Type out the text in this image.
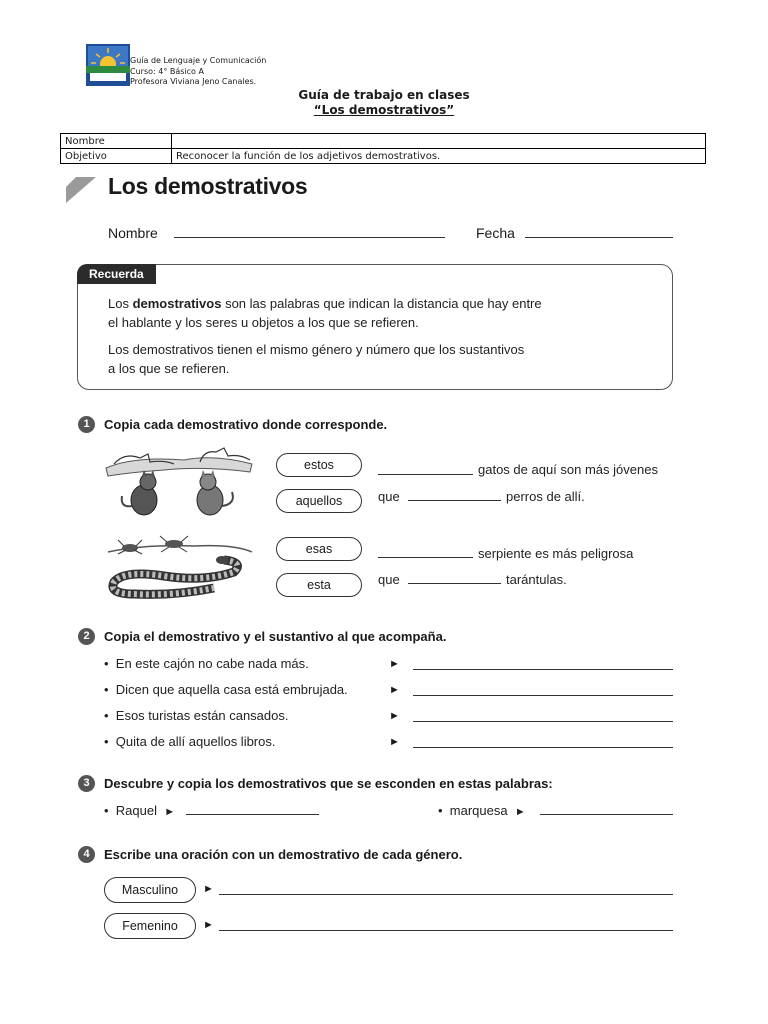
Guía de Lenguaje y Comunicación
Curso: 4° Básico A
Profesora Viviana Jeno Canales.
Guía de trabajo en clases
“Los demostrativos”
Nombre	
Objetivo	Reconocer la función de los adjetivos demostrativos.
Los demostrativos
Nombre	Fecha
Recuerda
Los demostrativos son las palabras que indican la distancia que hay entre
el hablante y los seres u objetos a los que se refieren.
Los demostrativos tienen el mismo género y número que los sustantivos
a los que se refieren.
1	Copia cada demostrativo donde corresponde.
estos
aquellos
esas
esta
gatos de aquí son más jóvenes
que	perros de allí.
serpiente es más peligrosa
que	tarántulas.
2	Copia el demostrativo y el sustantivo al que acompaña.
•  En este cajón no cabe nada más.	►
•  Dicen que aquella casa está embrujada.	►
•  Esos turistas están cansados.	►
•  Quita de allí aquellos libros.	►
3	Descubre y copia los demostrativos que se esconden en estas palabras:
•  Raquel ►	•  marquesa ►
4	Escribe una oración con un demostrativo de cada género.
Masculino	►
Femenino	►
